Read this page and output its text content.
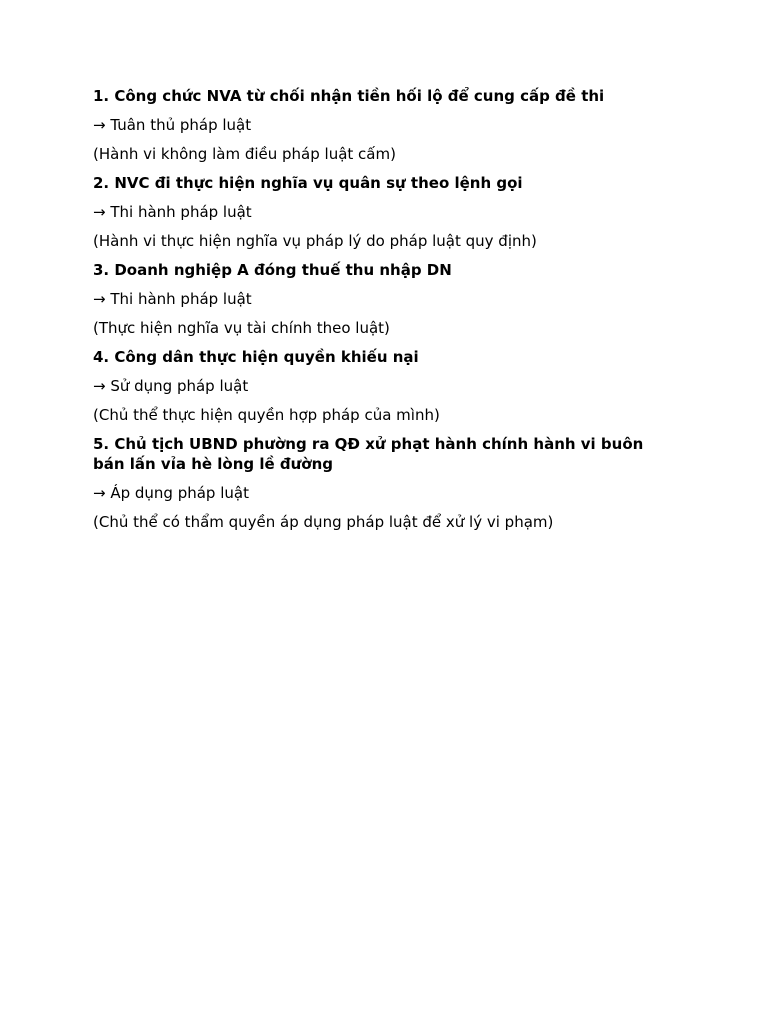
1. Công chức NVA từ chối nhận tiền hối lộ để cung cấp đề thi
→ Tuân thủ pháp luật
(Hành vi không làm điều pháp luật cấm)
2. NVC đi thực hiện nghĩa vụ quân sự theo lệnh gọi
→ Thi hành pháp luật
(Hành vi thực hiện nghĩa vụ pháp lý do pháp luật quy định)
3. Doanh nghiệp A đóng thuế thu nhập DN
→ Thi hành pháp luật
(Thực hiện nghĩa vụ tài chính theo luật)
4. Công dân thực hiện quyền khiếu nại
→ Sử dụng pháp luật
(Chủ thể thực hiện quyền hợp pháp của mình)
5. Chủ tịch UBND phường ra QĐ xử phạt hành chính hành vi buôn bán lấn vỉa hè lòng lề đường
→ Áp dụng pháp luật
(Chủ thể có thẩm quyền áp dụng pháp luật để xử lý vi phạm)
